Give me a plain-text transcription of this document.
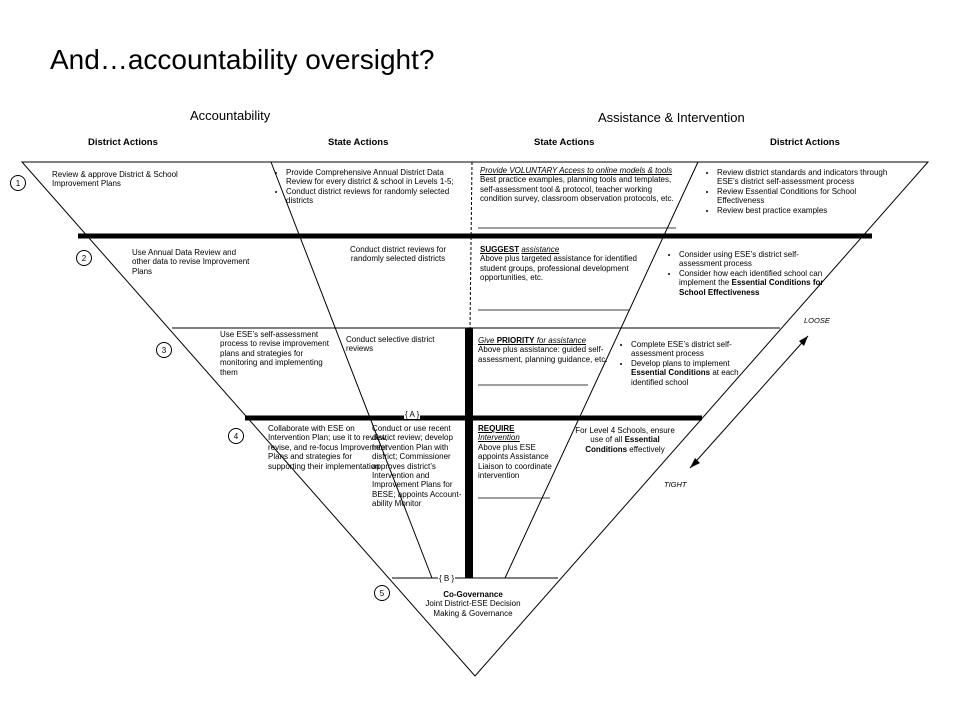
And…accountability oversight?
Accountability	Assistance & Intervention
District Actions	State Actions	State Actions	District Actions
1
2
3
4
5
{ A }
{ B }
LOOSE
TIGHT
Review & approve District & School Improvement Plans
• Provide Comprehensive Annual District Data Review for every district & school in Levels 1-5;
• Conduct district reviews for randomly selected districts
Provide VOLUNTARY Access to online models & tools
Best practice examples, planning tools and templates, self-assessment tool & protocol, teacher working condition survey, classroom observation protocols, etc.
• Review district standards and indicators through ESE’s district self-assessment process
• Review Essential Conditions for School Effectiveness
• Review best practice examples
Use Annual Data Review and other data to revise Improvement Plans
Conduct district reviews for randomly selected districts
SUGGEST assistance
Above plus targeted assistance for identified student groups, professional development opportunities, etc.
• Consider using ESE’s district self-assessment process
• Consider how each identified school can implement the Essential Conditions for School Effectiveness
Use ESE’s self-assessment process to revise improvement plans and strategies for monitoring and implementing them
Conduct selective district reviews
Give PRIORITY for assistance
Above plus assistance: guided self-assessment, planning guidance, etc.
• Complete ESE’s district self-assessment process
• Develop plans to implement Essential Conditions at each identified school
Collaborate with ESE on Intervention Plan; use it to review, revise, and re-focus Improvement Plans and strategies for supporting their implementation
Conduct or use recent district review; develop Intervention Plan with district; Commissioner approves district’s Intervention and Improvement Plans for BESE; appoints Account-ability Monitor
REQUIRE
Intervention
Above plus ESE appoints Assistance Liaison to coordinate intervention
For Level 4 Schools, ensure use of all Essential Conditions effectively
Co-Governance
Joint District-ESE Decision Making & Governance
